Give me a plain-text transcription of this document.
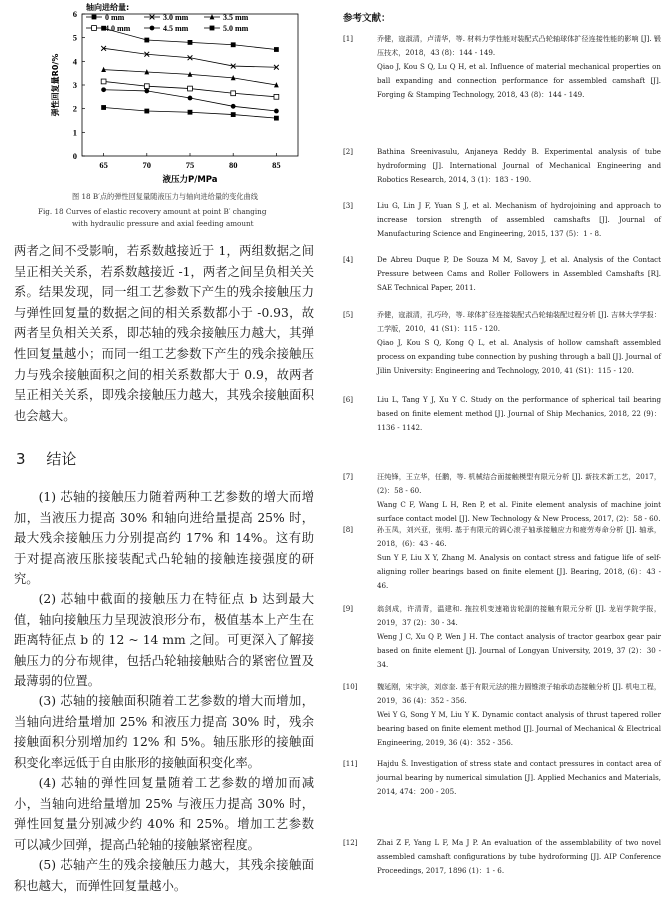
0
1
2
3
4
5
6
65	70	75	80	85
液压力P/MPa
弹性回复量R0/%
轴向进给量:
0 mm	3.0 mm	3.5 mm
4.0 mm	4.5 mm	5.0 mm
图 18 B′点的弹性回复量随液压力与轴向进给量的变化曲线
Fig. 18 Curves of elastic recovery amount at point B′ changing
with hydraulic pressure and axial feeding amount
两者之间不受影响，若系数越接近于 1，两组数据之间呈正相关关系，若系数越接近 -1，两者之间呈负相关关系。结果发现，同一组工艺参数下产生的残余接触压力与弹性回复量的数据之间的相关系数都小于 -0.93，故两者呈负相关关系，即芯轴的残余接触压力越大，其弹性回复量越小；而同一组工艺参数下产生的残余接触压力与残余接触面积之间的相关系数都大于 0.9，故两者呈正相关关系，即残余接触压力越大，其残余接触面积也会越大。
3 结论
(1) 芯轴的接触压力随着两种工艺参数的增大而增加，当液压力提高 30% 和轴向进给量提高 25% 时，最大残余接触压力分别提高约 17% 和 14%。这有助于对提高液压胀接装配式凸轮轴的接触连接强度的研究。
(2) 芯轴中截面的接触压力在特征点 b 达到最大值，轴向接触压力呈现波浪形分布，极值基本上产生在距离特征点 b 的 12 ~ 14 mm 之间。可更深入了解接触压力的分布规律，包括凸轮轴接触贴合的紧密位置及最薄弱的位置。
(3) 芯轴的接触面积随着工艺参数的增大而增加，当轴向进给量增加 25% 和液压力提高 30% 时，残余接触面积分别增加约 12% 和 5%。轴压胀形的接触面积变化率远低于自由胀形的接触面积变化率。
(4) 芯轴的弹性回复量随着工艺参数的增加而减小，当轴向进给量增加 25% 与液压力提高 30% 时，弹性回复量分别减少约 40% 和 25%。增加工艺参数可以减少回弹，提高凸轮轴的接触紧密程度。
(5) 芯轴产生的残余接触压力越大，其残余接触面积也越大，而弹性回复量越小。
参考文献：
[1]	乔健，寇淑清，卢清华，等. 材料力学性能对装配式凸轮轴球体扩径连接性能的影响 [J]. 锻压技术，2018，43 (8)：144 - 149.
Qiao J, Kou S Q, Lu Q H, et al. Influence of material mechanical properties on ball expanding and connection performance for assembled camshaft [J]. Forging & Stamping Technology, 2018, 43 (8)：144 - 149.
[2]	Bathina Sreenivasulu, Anjaneya Reddy B. Experimental analysis of tube hydroforming [J]. International Journal of Mechanical Engineering and Robotics Research, 2014, 3 (1)：183 - 190.
[3]	Liu G, Lin J F, Yuan S J, et al. Mechanism of hydrojoining and approach to increase torsion strength of assembled camshafts [J]. Journal of Manufacturing Science and Engineering, 2015, 137 (5)：1 - 8.
[4]	De Abreu Duque P, De Souza M M, Savoy J, et al. Analysis of the Contact Pressure between Cams and Roller Followers in Assembled Camshafts [R]. SAE Technical Paper, 2011.
[5]	乔健，寇淑清，孔巧玲，等. 球体扩径连接装配式凸轮轴装配过程分析 [J]. 吉林大学学报：工学版，2010，41 (S1)：115 - 120.
Qiao J, Kou S Q, Kong Q L, et al. Analysis of hollow camshaft assembled process on expanding tube connection by pushing through a ball [J]. Journal of Jilin University: Engineering and Technology, 2010, 41 (S1)：115 - 120.
[6]	Liu L, Tang Y J, Xu Y C. Study on the performance of spherical tail bearing based on finite element method [J]. Journal of Ship Mechanics, 2018, 22 (9)：1136 - 1142.
[7]	汪纯锋，王立华，任鹏，等. 机械结合面接触模型有限元分析 [J]. 新技术新工艺，2017，(2)：58 - 60.
Wang C F, Wang L H, Ren P, et al. Finite element analysis of machine joint surface contact model [J]. New Technology & New Process, 2017, (2)：58 - 60.
[8]	孙玉凤，刘兴亚，张明. 基于有限元的调心滚子轴承接触应力和疲劳寿命分析 [J]. 轴承，2018，(6)：43 - 46.
Sun Y F, Liu X Y, Zhang M. Analysis on contact stress and fatigue life of self-aligning roller bearings based on finite element [J]. Bearing, 2018, (6)：43 - 46.
[9]	翁剑成，许清青，温建和. 拖拉机变速箱齿轮副的接触有限元分析 [J]. 龙岩学院学报，2019，37 (2)：30 - 34.
Weng J C, Xu Q P, Wen J H. The contact analysis of tractor gearbox gear pair based on finite element [J]. Journal of Longyan University, 2019, 37 (2)：30 - 34.
[10]	魏延刚，宋宇滨，刘彦奎. 基于有限元法的推力圆锥滚子轴承动态接触分析 [J]. 机电工程，2019，36 (4)：352 - 356.
Wei Y G, Song Y M, Liu Y K. Dynamic contact analysis of thrust tapered roller bearing based on finite element method [J]. Journal of Mechanical & Electrical Engineering, 2019, 36 (4)：352 - 356.
[11]	Hajdu Š. Investigation of stress state and contact pressures in contact area of journal bearing by numerical simulation [J]. Applied Mechanics and Materials, 2014, 474：200 - 205.
[12]	Zhai Z F, Yang L F, Ma J P. An evaluation of the assemblability of two novel assembled camshaft configurations by tube hydroforming [J]. AIP Conference Proceedings, 2017, 1896 (1)：1 - 6.
